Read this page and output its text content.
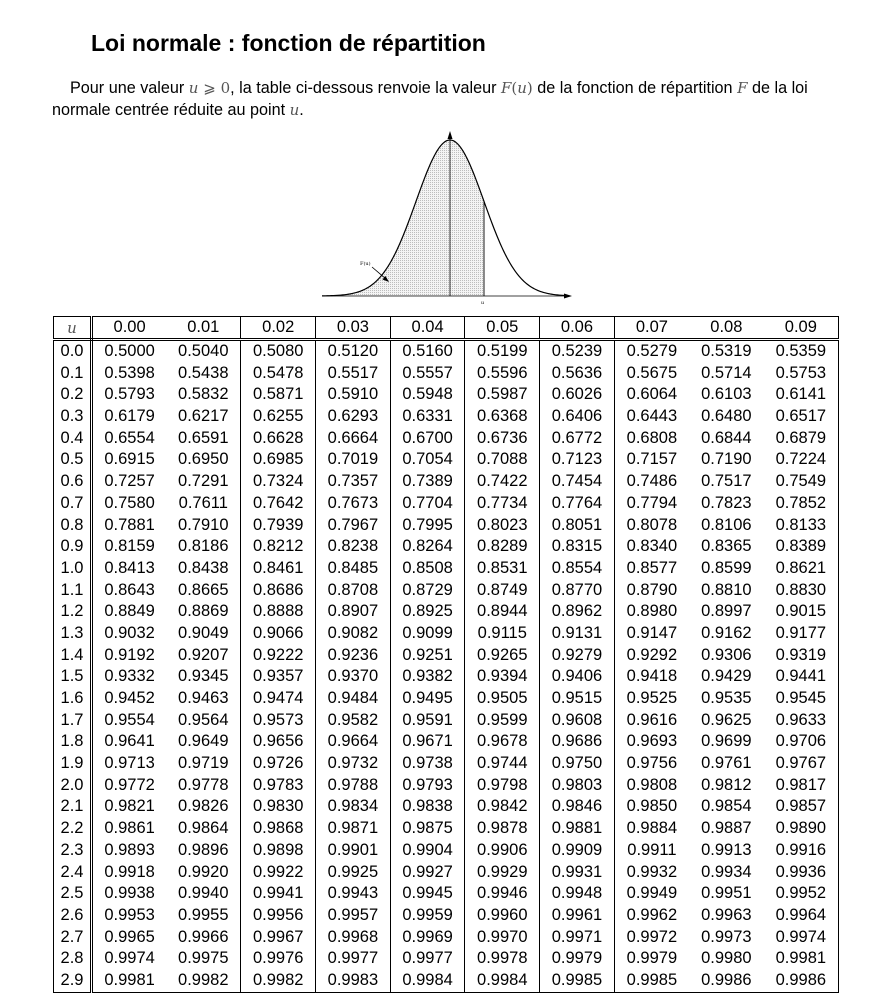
Loi normale : fonction de répartition

Pour une valeur u ⩾ 0, la table ci-dessous renvoie la valeur F(u) de la fonction de répartition F de la loi normale centrée réduite au point u.

F(u)
u
u	0.00	0.01	0.02	0.03	0.04	0.05	0.06	0.07	0.08	0.09
0.0	0.5000	0.5040	0.5080	0.5120	0.5160	0.5199	0.5239	0.5279	0.5319	0.5359
0.1	0.5398	0.5438	0.5478	0.5517	0.5557	0.5596	0.5636	0.5675	0.5714	0.5753
0.2	0.5793	0.5832	0.5871	0.5910	0.5948	0.5987	0.6026	0.6064	0.6103	0.6141
0.3	0.6179	0.6217	0.6255	0.6293	0.6331	0.6368	0.6406	0.6443	0.6480	0.6517
0.4	0.6554	0.6591	0.6628	0.6664	0.6700	0.6736	0.6772	0.6808	0.6844	0.6879
0.5	0.6915	0.6950	0.6985	0.7019	0.7054	0.7088	0.7123	0.7157	0.7190	0.7224
0.6	0.7257	0.7291	0.7324	0.7357	0.7389	0.7422	0.7454	0.7486	0.7517	0.7549
0.7	0.7580	0.7611	0.7642	0.7673	0.7704	0.7734	0.7764	0.7794	0.7823	0.7852
0.8	0.7881	0.7910	0.7939	0.7967	0.7995	0.8023	0.8051	0.8078	0.8106	0.8133
0.9	0.8159	0.8186	0.8212	0.8238	0.8264	0.8289	0.8315	0.8340	0.8365	0.8389
1.0	0.8413	0.8438	0.8461	0.8485	0.8508	0.8531	0.8554	0.8577	0.8599	0.8621
1.1	0.8643	0.8665	0.8686	0.8708	0.8729	0.8749	0.8770	0.8790	0.8810	0.8830
1.2	0.8849	0.8869	0.8888	0.8907	0.8925	0.8944	0.8962	0.8980	0.8997	0.9015
1.3	0.9032	0.9049	0.9066	0.9082	0.9099	0.9115	0.9131	0.9147	0.9162	0.9177
1.4	0.9192	0.9207	0.9222	0.9236	0.9251	0.9265	0.9279	0.9292	0.9306	0.9319
1.5	0.9332	0.9345	0.9357	0.9370	0.9382	0.9394	0.9406	0.9418	0.9429	0.9441
1.6	0.9452	0.9463	0.9474	0.9484	0.9495	0.9505	0.9515	0.9525	0.9535	0.9545
1.7	0.9554	0.9564	0.9573	0.9582	0.9591	0.9599	0.9608	0.9616	0.9625	0.9633
1.8	0.9641	0.9649	0.9656	0.9664	0.9671	0.9678	0.9686	0.9693	0.9699	0.9706
1.9	0.9713	0.9719	0.9726	0.9732	0.9738	0.9744	0.9750	0.9756	0.9761	0.9767
2.0	0.9772	0.9778	0.9783	0.9788	0.9793	0.9798	0.9803	0.9808	0.9812	0.9817
2.1	0.9821	0.9826	0.9830	0.9834	0.9838	0.9842	0.9846	0.9850	0.9854	0.9857
2.2	0.9861	0.9864	0.9868	0.9871	0.9875	0.9878	0.9881	0.9884	0.9887	0.9890
2.3	0.9893	0.9896	0.9898	0.9901	0.9904	0.9906	0.9909	0.9911	0.9913	0.9916
2.4	0.9918	0.9920	0.9922	0.9925	0.9927	0.9929	0.9931	0.9932	0.9934	0.9936
2.5	0.9938	0.9940	0.9941	0.9943	0.9945	0.9946	0.9948	0.9949	0.9951	0.9952
2.6	0.9953	0.9955	0.9956	0.9957	0.9959	0.9960	0.9961	0.9962	0.9963	0.9964
2.7	0.9965	0.9966	0.9967	0.9968	0.9969	0.9970	0.9971	0.9972	0.9973	0.9974
2.8	0.9974	0.9975	0.9976	0.9977	0.9977	0.9978	0.9979	0.9979	0.9980	0.9981
2.9	0.9981	0.9982	0.9982	0.9983	0.9984	0.9984	0.9985	0.9985	0.9986	0.9986
